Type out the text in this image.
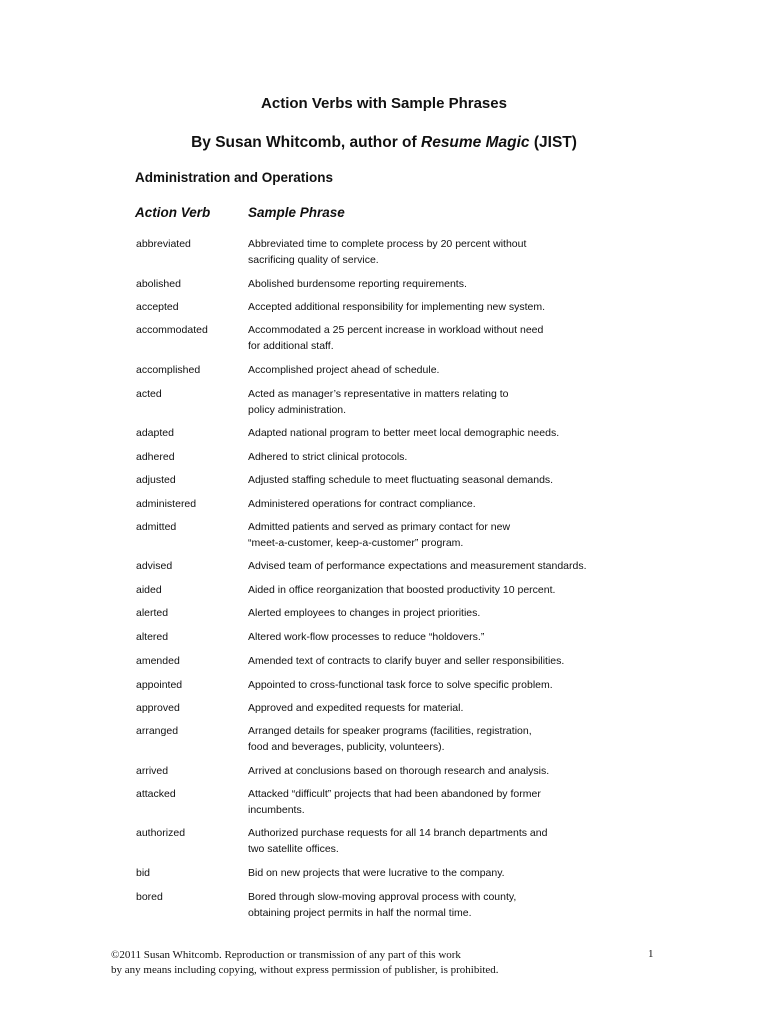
Action Verbs with Sample Phrases
By Susan Whitcomb, author of Resume Magic (JIST)
Administration and Operations
Action Verb	Sample Phrase
abbreviated	Abbreviated time to complete process by 20 percent without
sacrificing quality of service.
abolished	Abolished burdensome reporting requirements.
accepted	Accepted additional responsibility for implementing new system.
accommodated	Accommodated a 25 percent increase in workload without need
for additional staff.
accomplished	Accomplished project ahead of schedule.
acted	Acted as manager’s representative in matters relating to
policy administration.
adapted	Adapted national program to better meet local demographic needs.
adhered	Adhered to strict clinical protocols.
adjusted	Adjusted staffing schedule to meet fluctuating seasonal demands.
administered	Administered operations for contract compliance.
admitted	Admitted patients and served as primary contact for new
“meet-a-customer, keep-a-customer” program.
advised	Advised team of performance expectations and measurement standards.
aided	Aided in office reorganization that boosted productivity 10 percent.
alerted	Alerted employees to changes in project priorities.
altered	Altered work-flow processes to reduce “holdovers.”
amended	Amended text of contracts to clarify buyer and seller responsibilities.
appointed	Appointed to cross-functional task force to solve specific problem.
approved	Approved and expedited requests for material.
arranged	Arranged details for speaker programs (facilities, registration,
food and beverages, publicity, volunteers).
arrived	Arrived at conclusions based on thorough research and analysis.
attacked	Attacked “difficult” projects that had been abandoned by former
incumbents.
authorized	Authorized purchase requests for all 14 branch departments and
two satellite offices.
bid	Bid on new projects that were lucrative to the company.
bored	Bored through slow-moving approval process with county,
obtaining project permits in half the normal time.
©2011 Susan Whitcomb. Reproduction or transmission of any part of this work
by any means including copying, without express permission of publisher, is prohibited.
1
